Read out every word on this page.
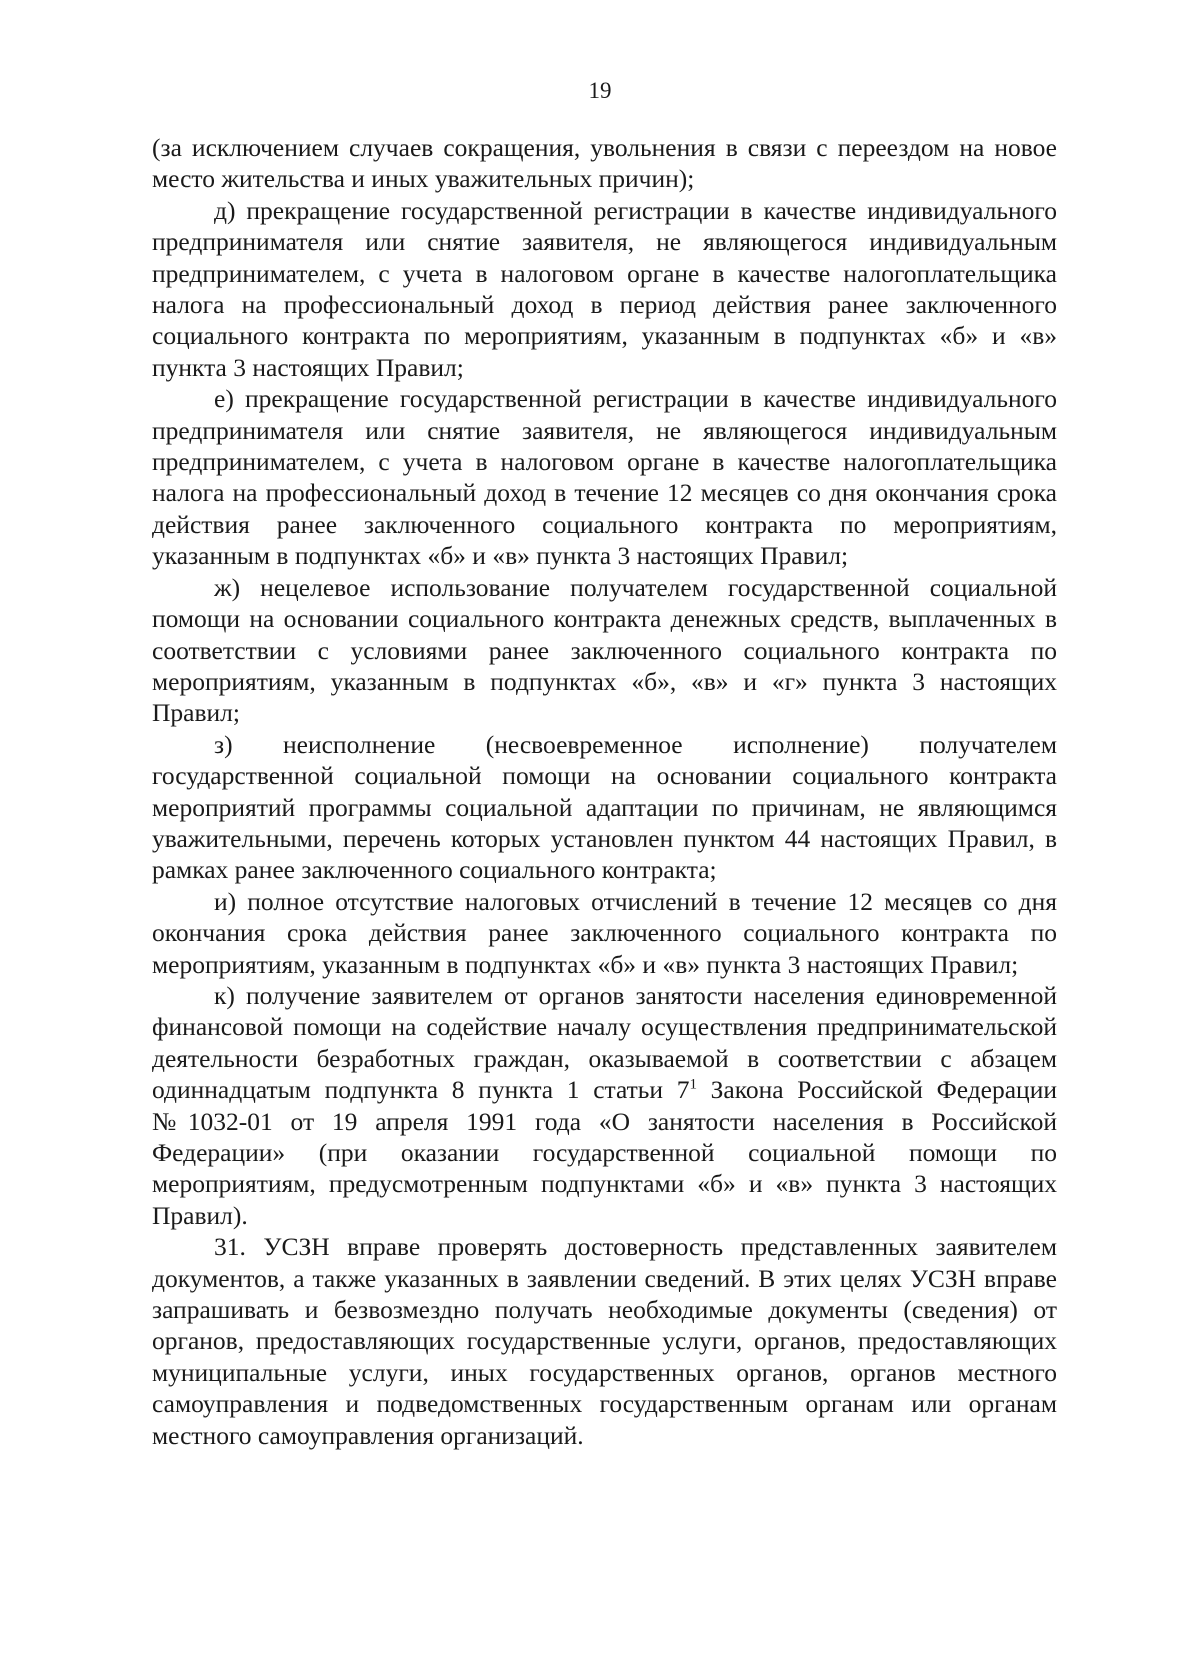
19

(за исключением случаев сокращения, увольнения в связи с переездом на новое место жительства и иных уважительных причин);

д) прекращение государственной регистрации в качестве индивидуального предпринимателя или снятие заявителя, не являющегося индивидуальным предпринимателем, с учета в налоговом органе в качестве налогоплательщика налога на профессиональный доход в период действия ранее заключенного социального контракта по мероприятиям, указанным в подпунктах «б» и «в» пункта 3 настоящих Правил;

е) прекращение государственной регистрации в качестве индивидуального предпринимателя или снятие заявителя, не являющегося индивидуальным предпринимателем, с учета в налоговом органе в качестве налогоплательщика налога на профессиональный доход в течение 12 месяцев со дня окончания срока действия ранее заключенного социального контракта по мероприятиям, указанным в подпунктах «б» и «в» пункта 3 настоящих Правил;

ж) нецелевое использование получателем государственной социальной помощи на основании социального контракта денежных средств, выплаченных в соответствии с условиями ранее заключенного социального контракта по мероприятиям, указанным в подпунктах «б», «в» и «г» пункта 3 настоящих Правил;

з) неисполнение (несвоевременное исполнение) получателем государственной социальной помощи на основании социального контракта мероприятий программы социальной адаптации по причинам, не являющимся уважительными, перечень которых установлен пунктом 44 настоящих Правил, в рамках ранее заключенного социального контракта;

и) полное отсутствие налоговых отчислений в течение 12 месяцев со дня окончания срока действия ранее заключенного социального контракта по мероприятиям, указанным в подпунктах «б» и «в» пункта 3 настоящих Правил;

к) получение заявителем от органов занятости населения единовременной финансовой помощи на содействие началу осуществления предпринимательской деятельности безработных граждан, оказываемой в соответствии с абзацем одиннадцатым подпункта 8 пункта 1 статьи $7^1$ Закона Российской Федерации №1032-01 от 19 апреля 1991 года «О занятости населения в Российской Федерации» (при оказании государственной социальной помощи по мероприятиям, предусмотренным подпунктами «б» и «в» пункта 3 настоящих Правил).

31. УСЗН вправе проверять достоверность представленных заявителем документов, а также указанных в заявлении сведений. В этих целях УСЗН вправе запрашивать и безвозмездно получать необходимые документы (сведения) от органов, предоставляющих государственные услуги, органов, предоставляющих муниципальные услуги, иных государственных органов, органов местного самоуправления и подведомственных государственным органам или органам местного самоуправления организаций.
